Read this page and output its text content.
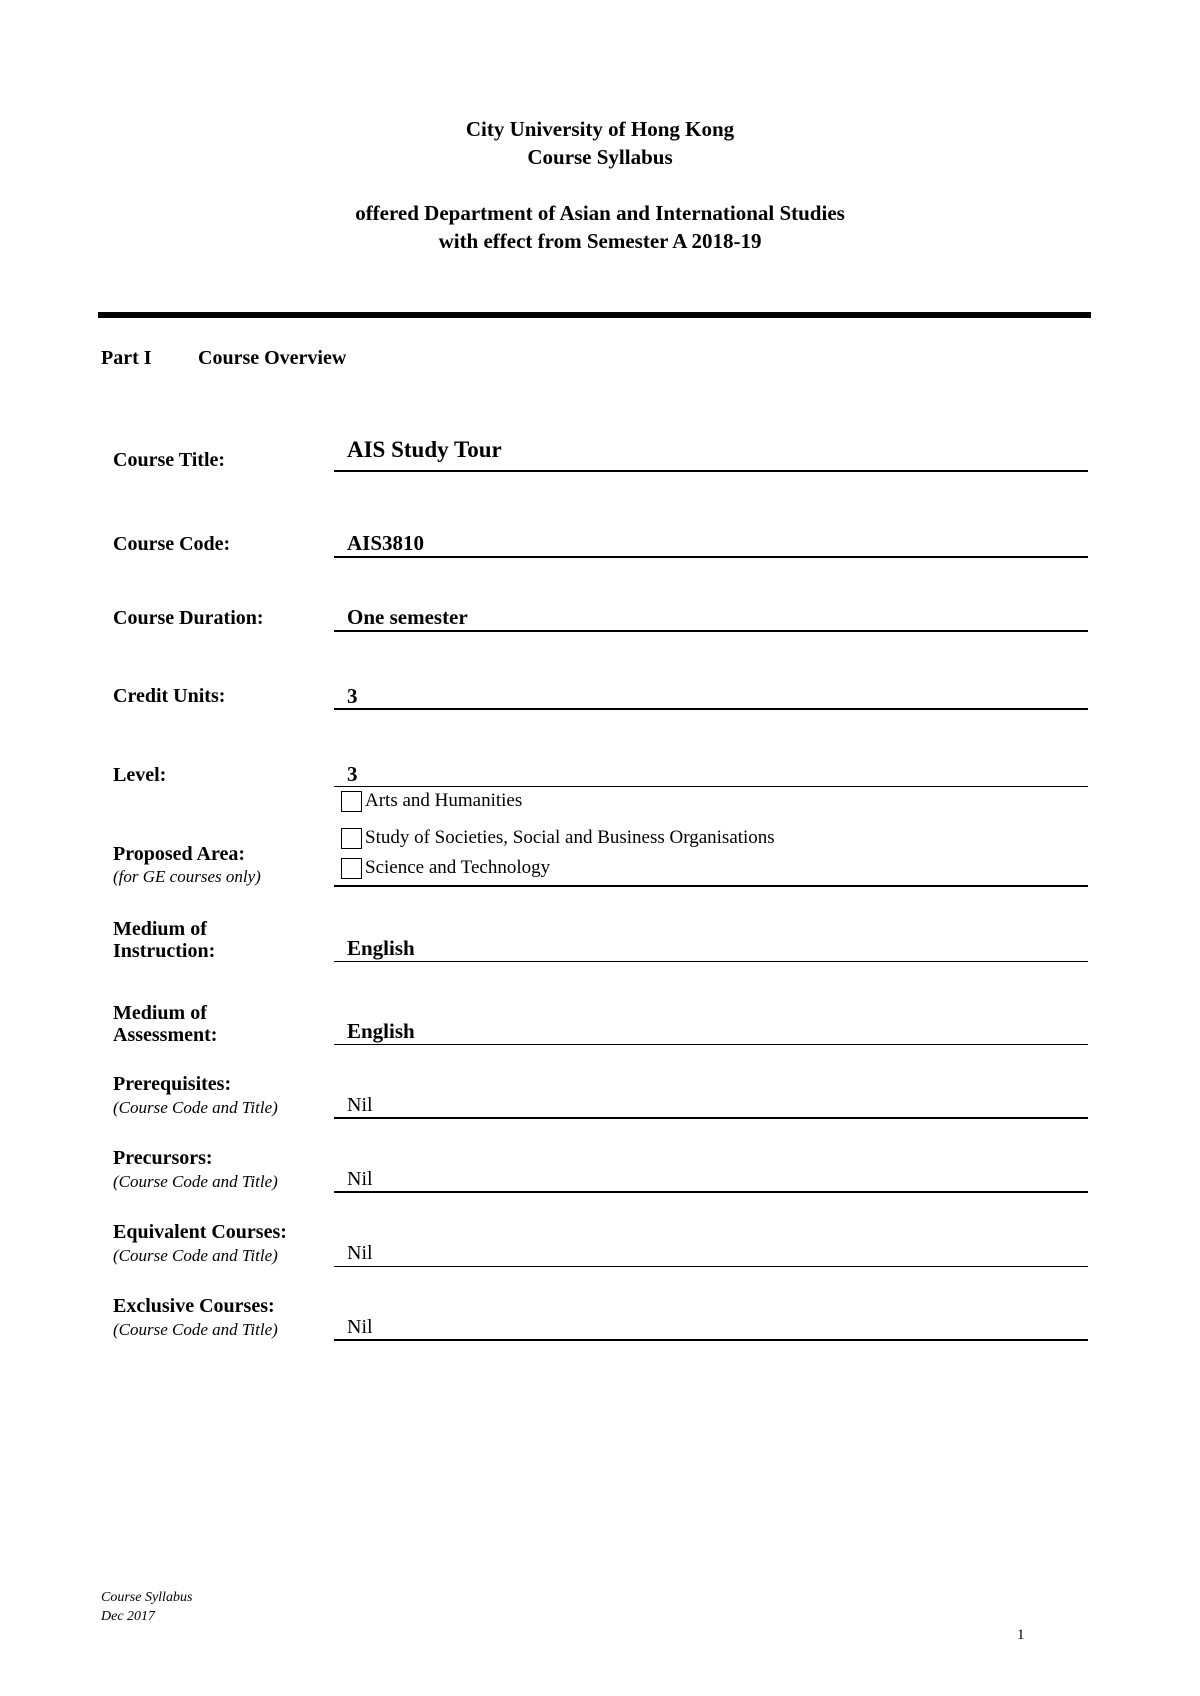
City University of Hong Kong
Course Syllabus
offered Department of Asian and International Studies
with effect from Semester A 2018-19
Part I Course Overview
Course Title:	AIS Study Tour
Course Code:	AIS3810
Course Duration:	One semester
Credit Units:	3
Level:	3
Arts and Humanities
Study of Societies, Social and Business Organisations
Science and Technology
Proposed Area:
(for GE courses only)
Medium of
Instruction:	English
Medium of
Assessment:	English
Prerequisites:
(Course Code and Title)	Nil
Precursors:
(Course Code and Title)	Nil
Equivalent Courses:
(Course Code and Title)	Nil
Exclusive Courses:
(Course Code and Title)	Nil
Course Syllabus
Dec 2017
1
